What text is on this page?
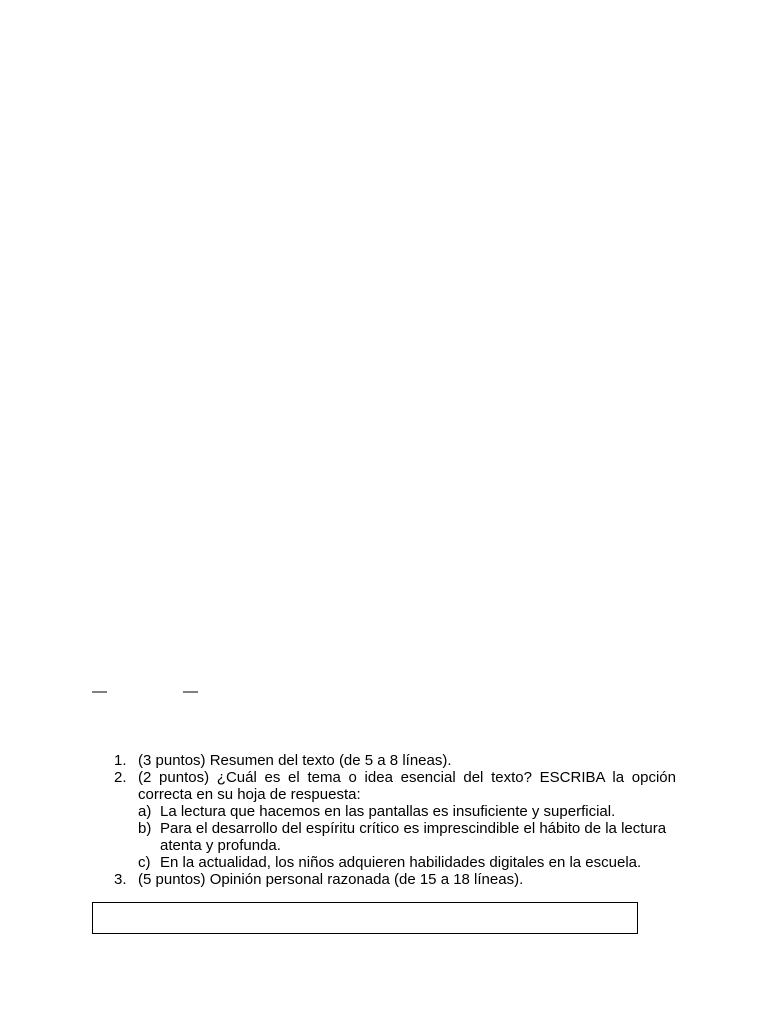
—	—
1. (3 puntos) Resumen del texto (de 5 a 8 líneas).
2. (2 puntos) ¿Cuál es el tema o idea esencial del texto? ESCRIBA la opción correcta en su hoja de respuesta:
a) La lectura que hacemos en las pantallas es insuficiente y superficial.
b) Para el desarrollo del espíritu crítico es imprescindible el hábito de la lectura atenta y profunda.
c) En la actualidad, los niños adquieren habilidades digitales en la escuela.
3. (5 puntos) Opinión personal razonada (de 15 a 18 líneas).
